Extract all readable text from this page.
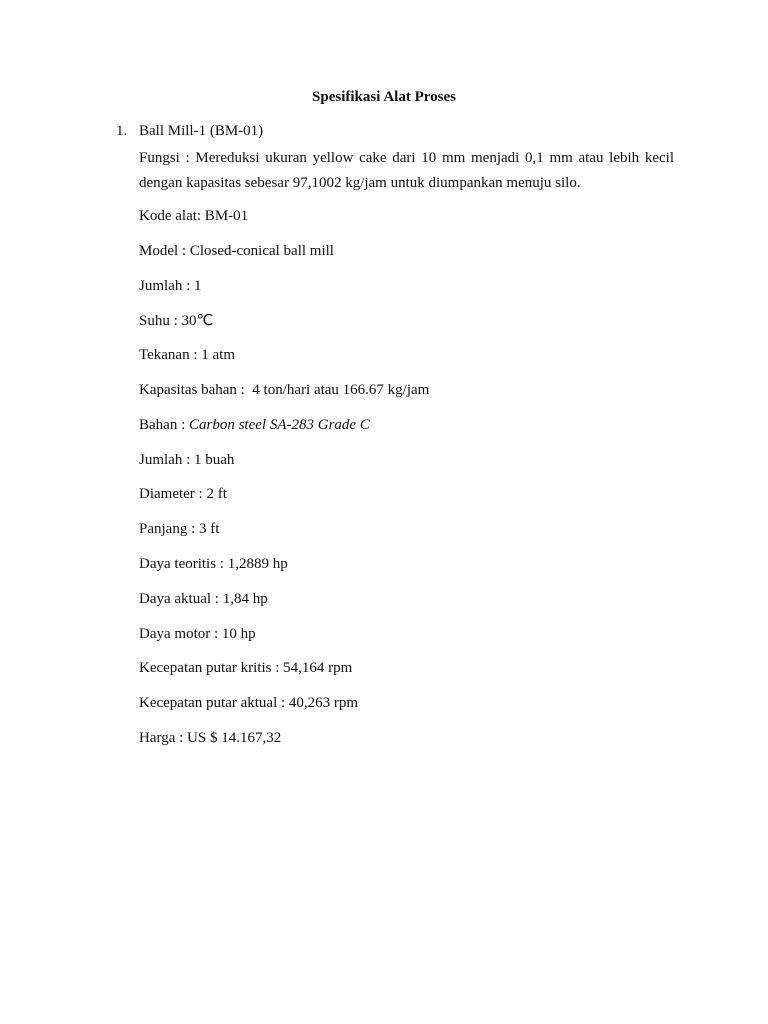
Spesifikasi Alat Proses
1. Ball Mill-1 (BM-01)
Fungsi : Mereduksi ukuran yellow cake dari 10 mm menjadi 0,1 mm atau lebih kecil dengan kapasitas sebesar 97,1002 kg/jam untuk diumpankan menuju silo.
Kode alat: BM-01
Model : Closed-conical ball mill
Jumlah : 1
Suhu : 30℃
Tekanan : 1 atm
Kapasitas bahan :  4 ton/hari atau 166.67 kg/jam
Bahan : Carbon steel SA-283 Grade C
Jumlah : 1 buah
Diameter : 2 ft
Panjang : 3 ft
Daya teoritis : 1,2889 hp
Daya aktual : 1,84 hp
Daya motor : 10 hp
Kecepatan putar kritis : 54,164 rpm
Kecepatan putar aktual : 40,263 rpm
Harga : US $ 14.167,32
